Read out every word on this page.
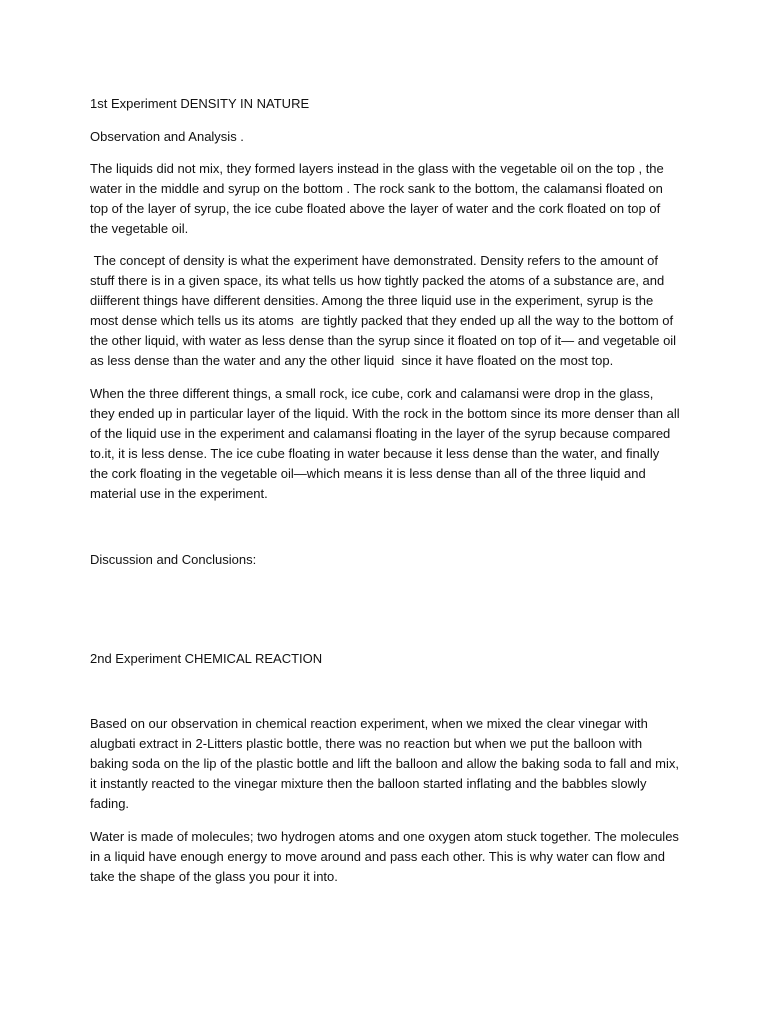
1st Experiment DENSITY IN NATURE

Observation and Analysis .

The liquids did not mix, they formed layers instead in the glass with the vegetable oil on the top , the water in the middle and syrup on the bottom . The rock sank to the bottom, the calamansi floated on top of the layer of syrup, the ice cube floated above the layer of water and the cork floated on top of the vegetable oil.

The concept of density is what the experiment have demonstrated. Density refers to the amount of stuff there is in a given space, its what tells us how tightly packed the atoms of a substance are, and diifferent things have different densities. Among the three liquid use in the experiment, syrup is the most dense which tells us its atoms  are tightly packed that they ended up all the way to the bottom of the other liquid, with water as less dense than the syrup since it floated on top of it— and vegetable oil as less dense than the water and any the other liquid  since it have floated on the most top.

When the three different things, a small rock, ice cube, cork and calamansi were drop in the glass, they ended up in particular layer of the liquid. With the rock in the bottom since its more denser than all of the liquid use in the experiment and calamansi floating in the layer of the syrup because compared to.it, it is less dense. The ice cube floating in water because it less dense than the water, and finally the cork floating in the vegetable oil—which means it is less dense than all of the three liquid and material use in the experiment.

Discussion and Conclusions:

2nd Experiment CHEMICAL REACTION

Based on our observation in chemical reaction experiment, when we mixed the clear vinegar with alugbati extract in 2-Litters plastic bottle, there was no reaction but when we put the balloon with baking soda on the lip of the plastic bottle and lift the balloon and allow the baking soda to fall and mix, it instantly reacted to the vinegar mixture then the balloon started inflating and the babbles slowly fading.

Water is made of molecules; two hydrogen atoms and one oxygen atom stuck together. The molecules in a liquid have enough energy to move around and pass each other. This is why water can flow and take the shape of the glass you pour it into.
